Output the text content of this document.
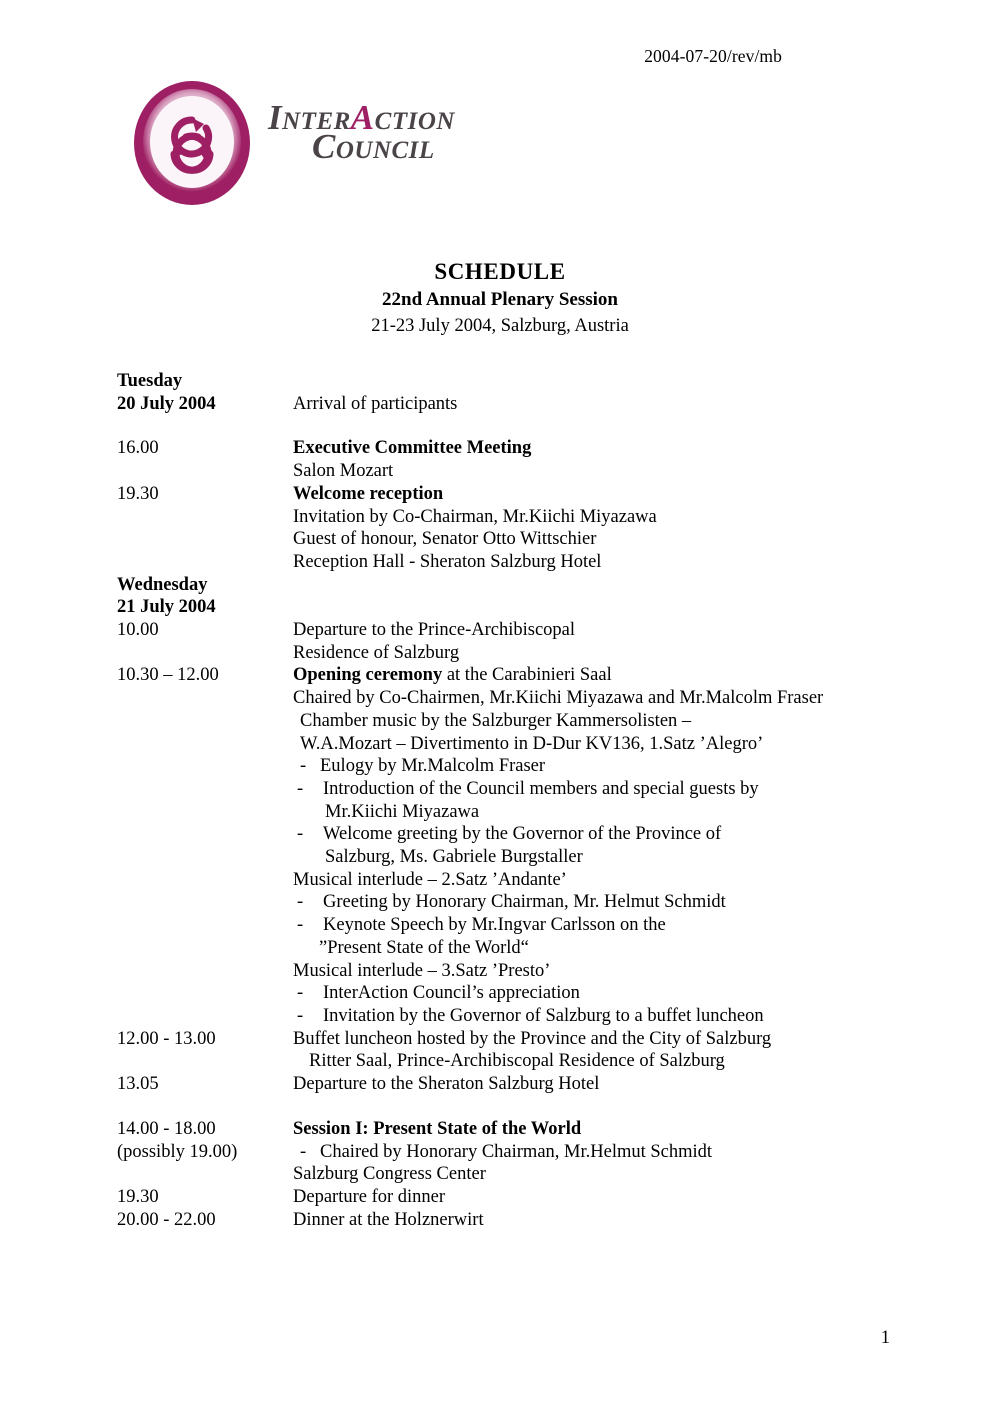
2004-07-20/rev/mb
InterAction
Council
SCHEDULE
22nd Annual Plenary Session
21-23 July 2004, Salzburg, Austria
Tuesday
20 July 2004	Arrival of participants
16.00	Executive Committee Meeting
Salon Mozart
19.30	Welcome reception
Invitation by Co-Chairman, Mr.Kiichi Miyazawa
Guest of honour, Senator Otto Wittschier
Reception Hall - Sheraton Salzburg Hotel
Wednesday
21 July 2004
10.00	Departure to the Prince-Archibiscopal
Residence of Salzburg
10.30 – 12.00	Opening ceremony at the Carabinieri Saal
Chaired by Co-Chairmen, Mr.Kiichi Miyazawa and Mr.Malcolm Fraser
Chamber music by the Salzburger Kammersolisten –
W.A.Mozart – Divertimento in D-Dur KV136, 1.Satz ’Alegro’
- Eulogy by Mr.Malcolm Fraser
-	Introduction of the Council members and special guests by
Mr.Kiichi Miyazawa
-	Welcome greeting by the Governor of the Province of
Salzburg, Ms. Gabriele Burgstaller
Musical interlude – 2.Satz ’Andante’
-	Greeting by Honorary Chairman, Mr. Helmut Schmidt
-	Keynote Speech by Mr.Ingvar Carlsson on the
”Present State of the World“
Musical interlude – 3.Satz ’Presto’
-	InterAction Council’s appreciation
-	Invitation by the Governor of Salzburg to a buffet luncheon
12.00 - 13.00	Buffet luncheon hosted by the Province and the City of Salzburg
Ritter Saal, Prince-Archibiscopal Residence of Salzburg
13.05	Departure to the Sheraton Salzburg Hotel
14.00 - 18.00	Session I: Present State of the World
(possibly 19.00)	- Chaired by Honorary Chairman, Mr.Helmut Schmidt
Salzburg Congress Center
19.30	Departure for dinner
20.00 - 22.00	Dinner at the Holznerwirt
1
